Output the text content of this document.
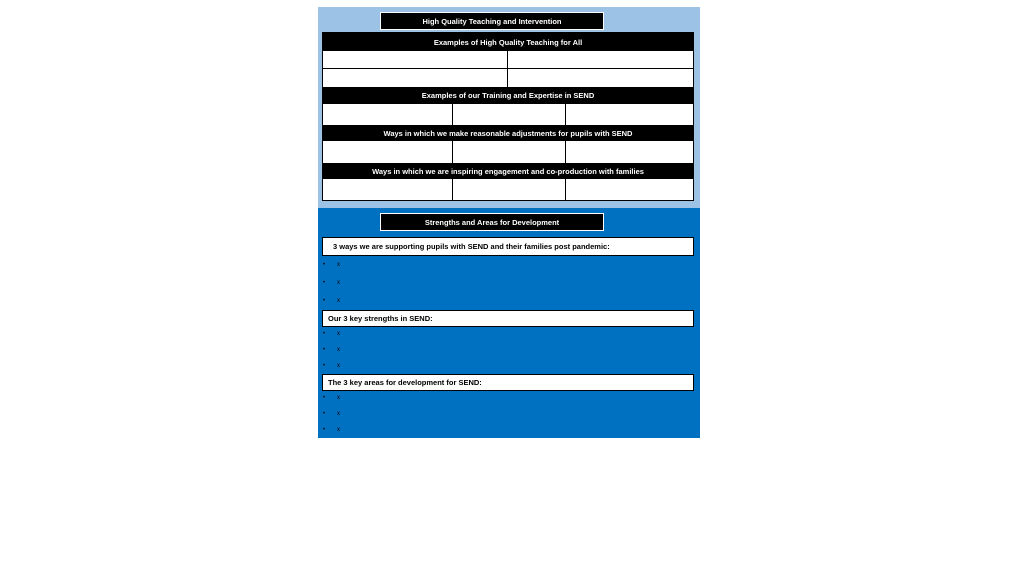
High Quality Teaching and Intervention
Examples of High Quality Teaching for All
Examples of our Training and Expertise in SEND
Ways in which we make reasonable adjustments for pupils with SEND
Ways in which we are inspiring engagement and co-production with families
Strengths and Areas for Development
3 ways we are supporting pupils with SEND and their families post pandemic:
• x
• x
• x
Our 3 key strengths in SEND:
• x
• x
• x
The 3 key areas for development for SEND:
• x
• x
• x
